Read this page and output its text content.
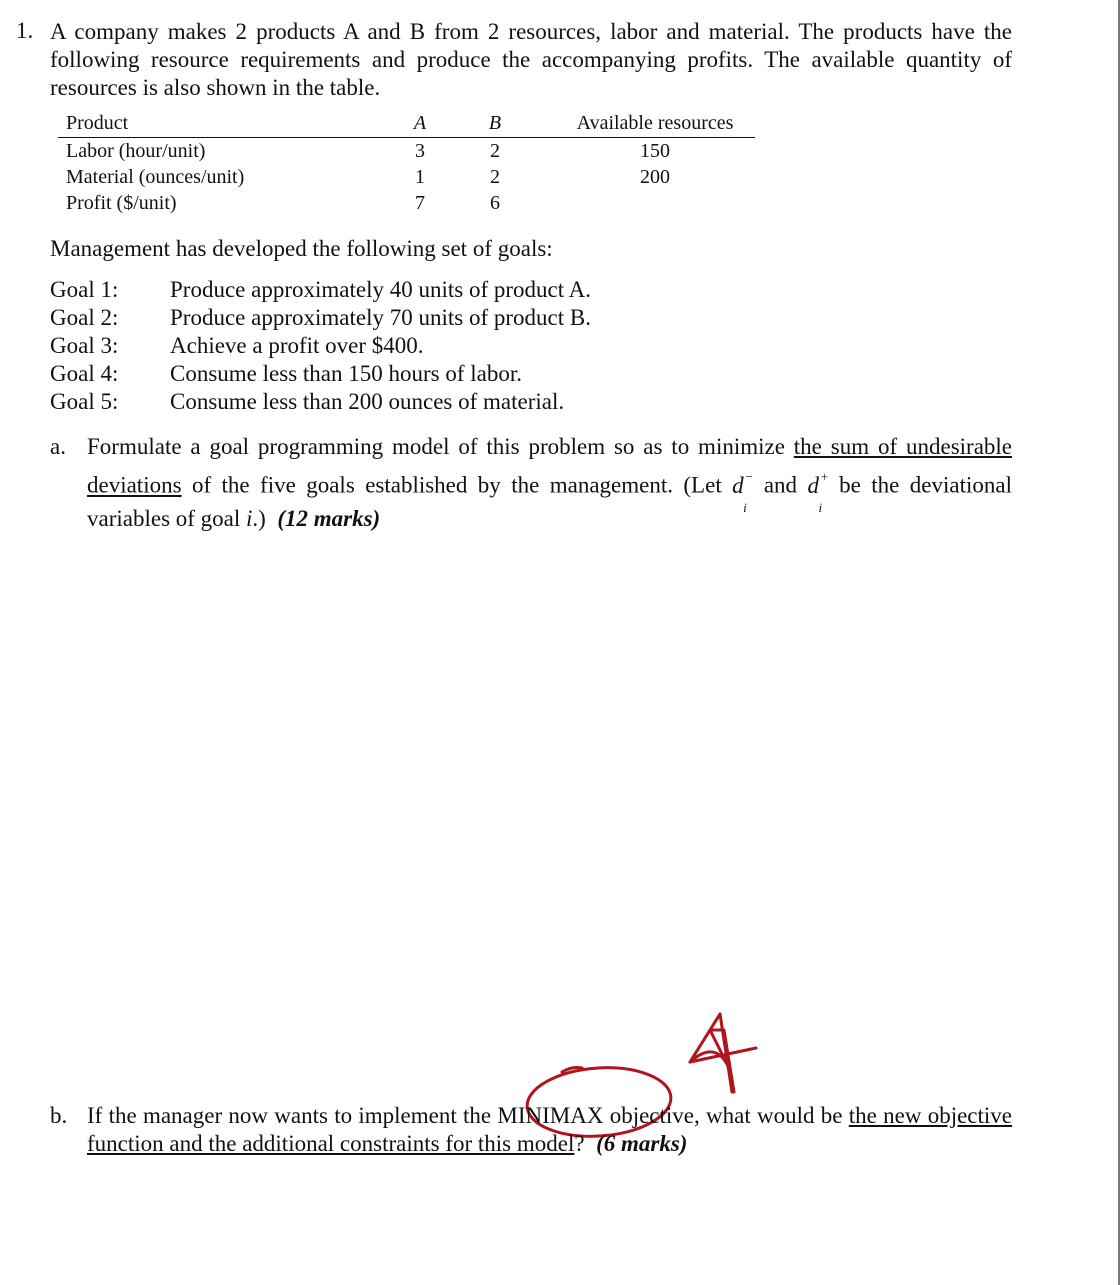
1. A company makes 2 products A and B from 2 resources, labor and material. The products have the following resource requirements and produce the accompanying profits. The available quantity of resources is also shown in the table.
Product	A		B		Available resources
Labor (hour/unit)	3		2		150
Material (ounces/unit)	1		2		200
Profit ($/unit)	7		6		
Management has developed the following set of goals:
Goal 1:	Produce approximately 40 units of product A.
Goal 2:	Produce approximately 70 units of product B.
Goal 3:	Achieve a profit over $400.
Goal 4:	Consume less than 150 hours of labor.
Goal 5:	Consume less than 200 ounces of material.
a. Formulate a goal programming model of this problem so as to minimize the sum of undesirable deviations of the five goals established by the management. (Let d−
i
and d+
i
be the deviational variables of goal i.) (12 marks)
b. If the manager now wants to implement the MINIMAX objective, what would be the new objective function and the additional constraints for this model? (6 marks)
